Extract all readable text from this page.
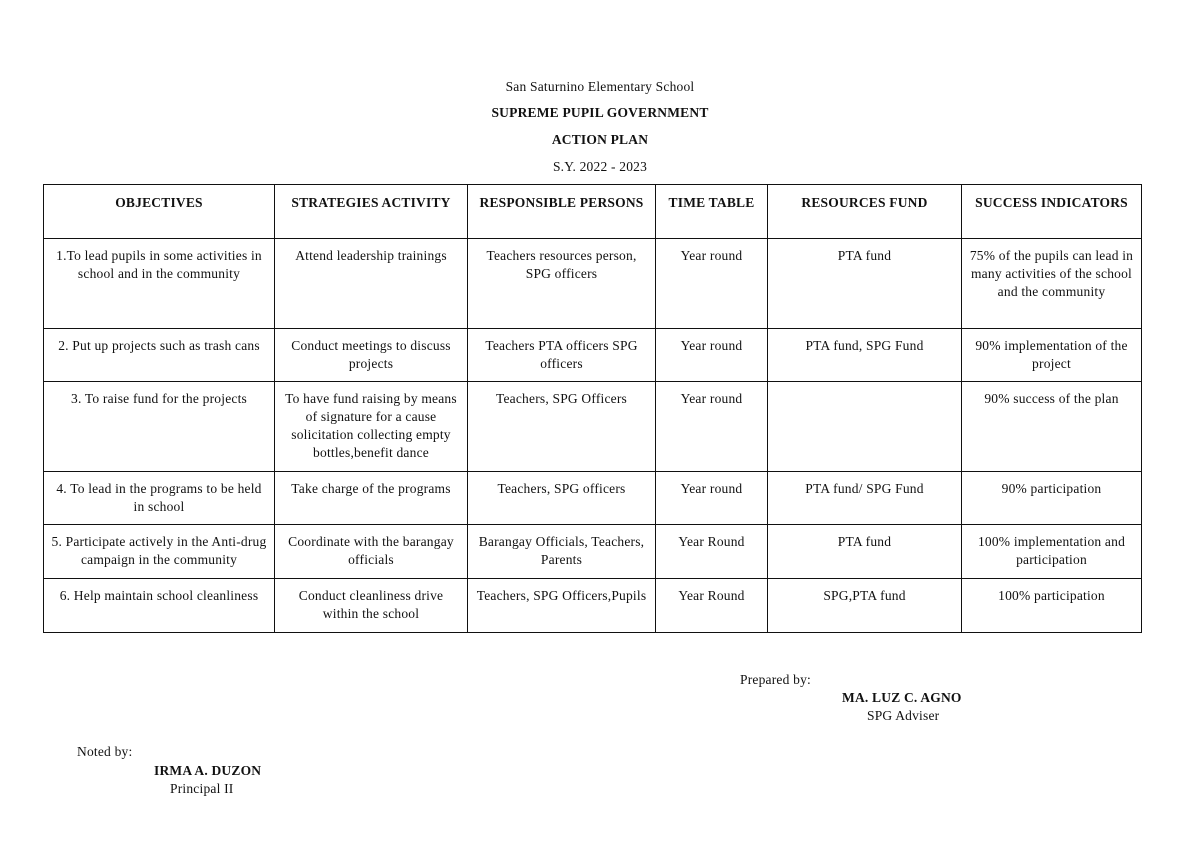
San Saturnino Elementary School
SUPREME PUPIL GOVERNMENT
ACTION PLAN
S.Y. 2022 - 2023
OBJECTIVES	STRATEGIES ACTIVITY	RESPONSIBLE PERSONS	TIME TABLE	RESOURCES FUND	SUCCESS INDICATORS
1.To lead pupils in some activities in school and in the community	Attend leadership trainings	Teachers resources person, SPG officers	Year round	PTA fund	75% of the pupils can lead in many activities of the school and the community
2. Put up projects such as trash cans	Conduct meetings to discuss projects	Teachers PTA officers SPG officers	Year round	PTA fund, SPG Fund	90% implementation of the project
3. To raise fund for the projects	To have fund raising by means of signature for a cause solicitation collecting empty bottles,benefit dance	Teachers, SPG Officers	Year round		90% success of the plan
4. To lead in the programs to be held in school	Take charge of the programs	Teachers, SPG officers	Year round	PTA fund/ SPG Fund	90% participation
5. Participate actively in the Anti-drug campaign in the community	Coordinate with the barangay officials	Barangay Officials, Teachers, Parents	Year Round	PTA fund	100% implementation and participation
6. Help maintain school cleanliness	Conduct cleanliness drive within the school	Teachers, SPG Officers,Pupils	Year Round	SPG,PTA fund	100% participation
Prepared by:
MA. LUZ C. AGNO
SPG Adviser
Noted by:
IRMA A. DUZON
Principal II
